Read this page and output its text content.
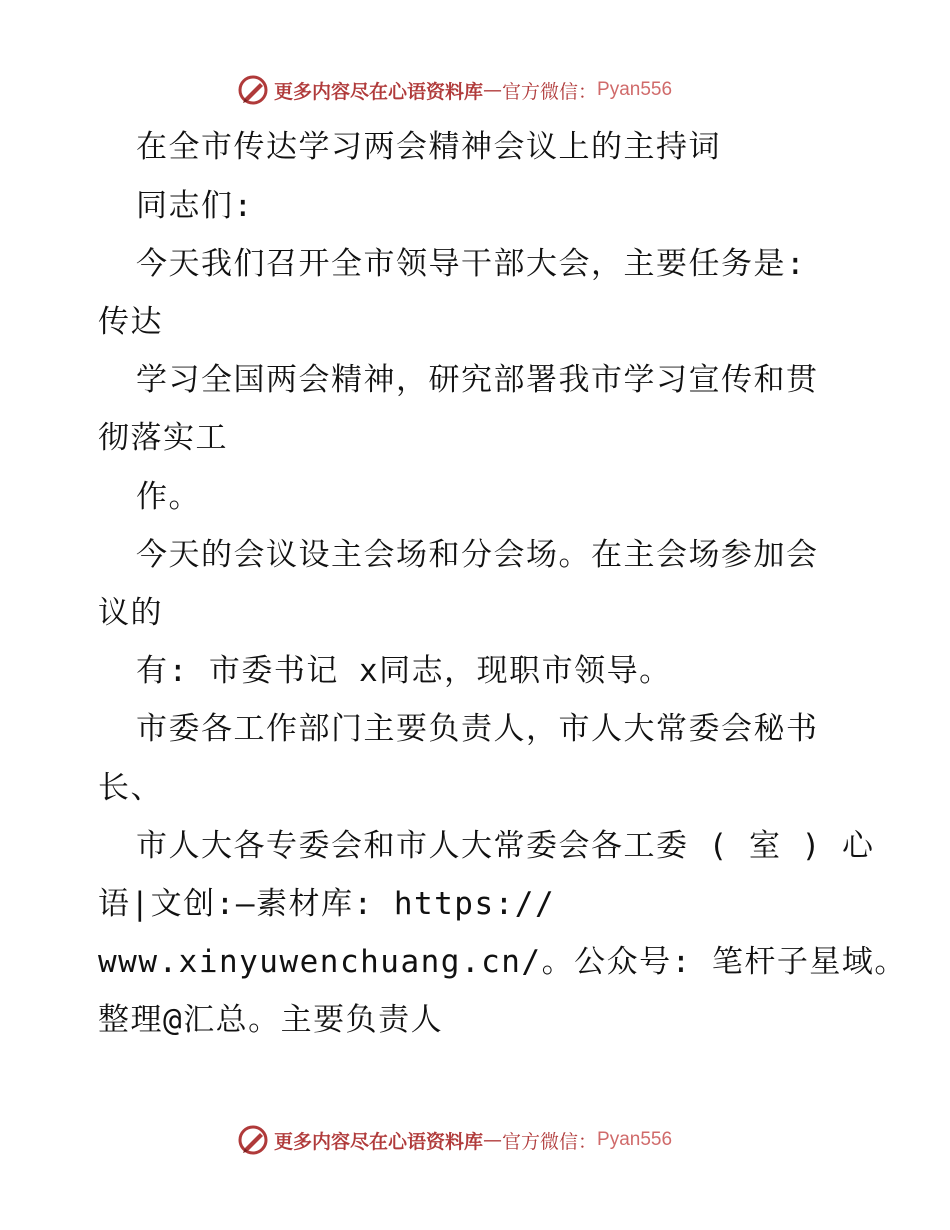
更多内容尽在心语资料库 — 官方微信： Pyan556
在全市传达学习两会精神会议上的主持词
同志们:
今天我们召开全市领导干部大会，主要任务是:
传达
学习全国两会精神，研究部署我市学习宣传和贯
彻落实工
作。
今天的会议设主会场和分会场。在主会场参加会
议的
有: 市委书记 x同志，现职市领导。
市委各工作部门主要负责人，市人大常委会秘书
长、
市人大各专委会和市人大常委会各工委 ( 室 ) 心
语|文创:—素材库: https://
www.xinyuwenchuang.cn/。公众号: 笔杆子星域。
整理@汇总。主要负责人
更多内容尽在心语资料库 — 官方微信： Pyan556
